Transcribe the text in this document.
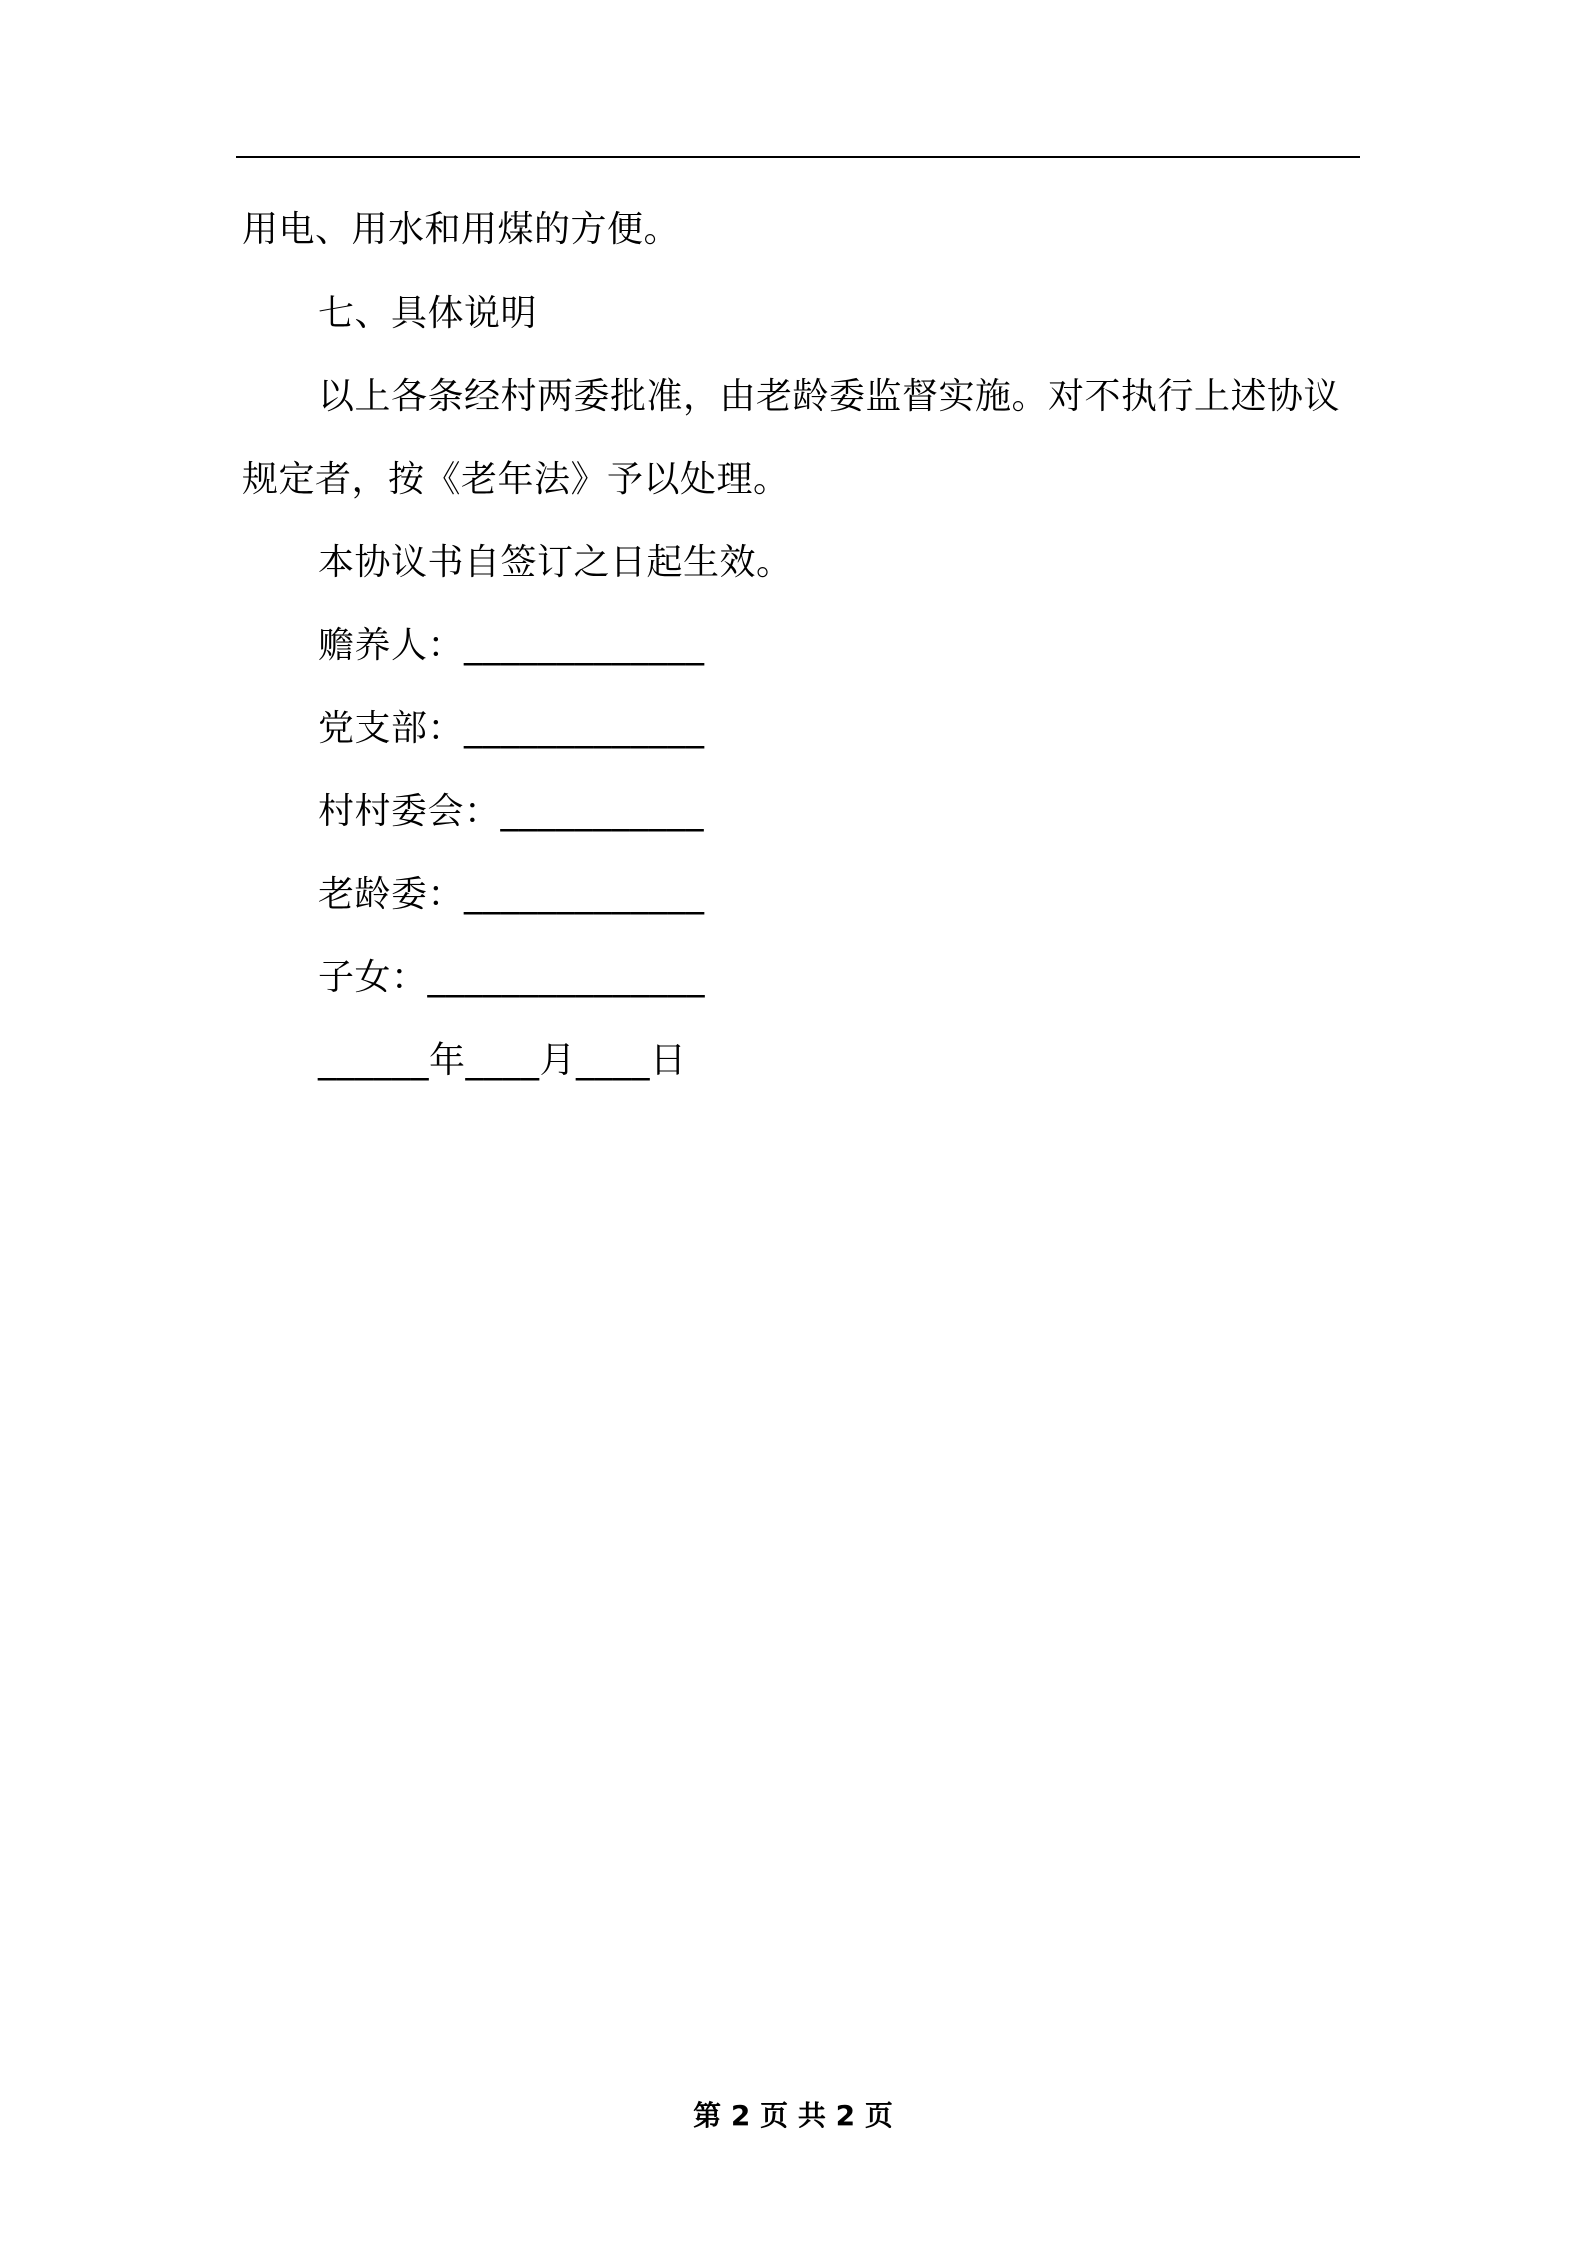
用电、用水和用煤的方便。
七、具体说明
以上各条经村两委批准，由老龄委监督实施。对不执行上述协议
规定者，按《老年法》予以处理。
本协议书自签订之日起生效。
赡养人：_____________
党支部：_____________
村村委会：___________
老龄委：_____________
子女：_______________
______年____月____日
第 2 页 共 2 页
